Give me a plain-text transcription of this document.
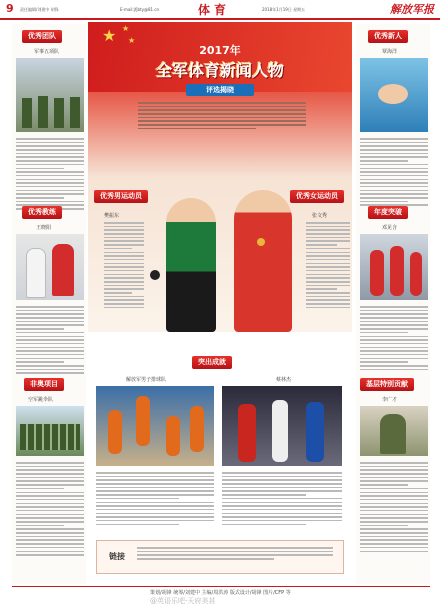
9 责任编辑/刘建中 胡锋	E-mail:jfjbty@81.cn	体育	2018年1月19日 星期五	解放军报
优秀团队
军事五项队
优秀教练
王晓阳
非奥项目
空军跳伞队
★ ★
★
2017年
全军体育新闻人物
评选揭晓
优秀男运动员	优秀女运动员
樊振东	张文秀
突出成就
解放军男子排球队	蔡林杰
链接
优秀新人
覃海洋
年度突破
邓见含
基层特别贡献
李广才
策划/胡锋 统筹/刘建中 主编/周洪涛 版式设计/胡锋 图片/CFP 等
@英语乐吧-天府美甚
